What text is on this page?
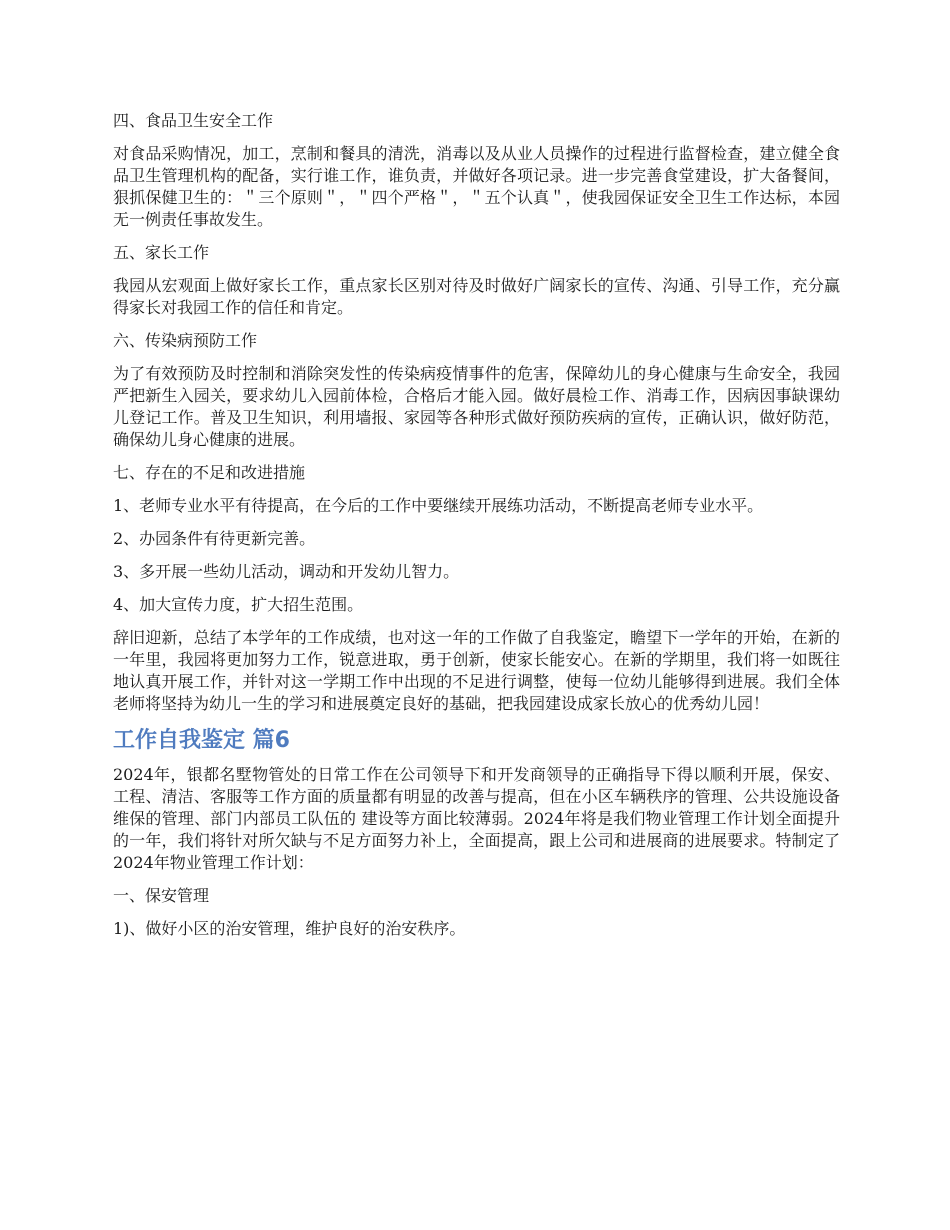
四、食品卫生安全工作

对食品采购情况，加工，烹制和餐具的清洗，消毒以及从业人员操作的过程进行监督检查，建立健全食品卫生管理机构的配备，实行谁工作，谁负责，并做好各项记录。进一步完善食堂建设，扩大备餐间，狠抓保健卫生的：＂三个原则＂，＂四个严格＂，＂五个认真＂，使我园保证安全卫生工作达标，本园无一例责任事故发生。

五、家长工作

我园从宏观面上做好家长工作，重点家长区别对待及时做好广阔家长的宣传、沟通、引导工作，充分赢得家长对我园工作的信任和肯定。

六、传染病预防工作

为了有效预防及时控制和消除突发性的传染病疫情事件的危害，保障幼儿的身心健康与生命安全，我园严把新生入园关，要求幼儿入园前体检，合格后才能入园。做好晨检工作、消毒工作，因病因事缺课幼儿登记工作。普及卫生知识，利用墙报、家园等各种形式做好预防疾病的宣传，正确认识，做好防范，确保幼儿身心健康的进展。

七、存在的不足和改进措施

1、老师专业水平有待提高，在今后的工作中要继续开展练功活动，不断提高老师专业水平。

2、办园条件有待更新完善。

3、多开展一些幼儿活动，调动和开发幼儿智力。

4、加大宣传力度，扩大招生范围。

辞旧迎新，总结了本学年的工作成绩，也对这一年的工作做了自我鉴定，瞻望下一学年的开始，在新的一年里，我园将更加努力工作，锐意进取，勇于创新，使家长能安心。在新的学期里，我们将一如既往地认真开展工作，并针对这一学期工作中出现的不足进行调整，使每一位幼儿能够得到进展。我们全体老师将坚持为幼儿一生的学习和进展奠定良好的基础，把我园建设成家长放心的优秀幼儿园！

工作自我鉴定 篇6

2024年，银都名墅物管处的日常工作在公司领导下和开发商领导的正确指导下得以顺利开展，保安、工程、清洁、客服等工作方面的质量都有明显的改善与提高，但在小区车辆秩序的管理、公共设施设备维保的管理、部门内部员工队伍的 建设等方面比较薄弱。2024年将是我们物业管理工作计划全面提升的一年，我们将针对所欠缺与不足方面努力补上，全面提高，跟上公司和进展商的进展要求。特制定了2024年物业管理工作计划：

一、保安管理

1)、做好小区的治安管理，维护良好的治安秩序。
